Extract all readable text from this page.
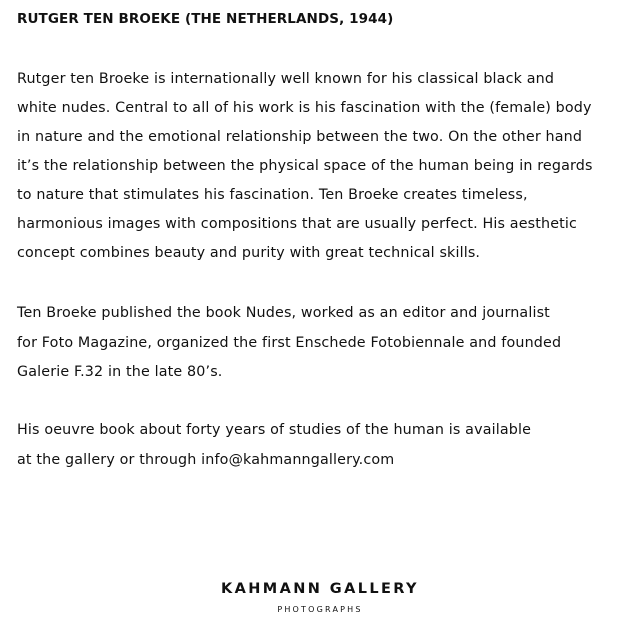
RUTGER TEN BROEKE (THE NETHERLANDS, 1944)

Rutger ten Broeke is internationally well known for his classical black and

white nudes. Central to all of his work is his fascination with the (female) body

in nature and the emotional relationship between the two. On the other hand

it’s the relationship between the physical space of the human being in regards

to nature that stimulates his fascination. Ten Broeke creates timeless,

harmonious images with compositions that are usually perfect. His aesthetic

concept combines beauty and purity with great technical skills.

Ten Broeke published the book Nudes, worked as an editor and journalist

for Foto Magazine, organized the first Enschede Fotobiennale and founded

Galerie F.32 in the late 80’s.

His oeuvre book about forty years of studies of the human is available

at the gallery or through info@kahmanngallery.com

KAHMANN GALLERY
PHOTOGRAPHS
